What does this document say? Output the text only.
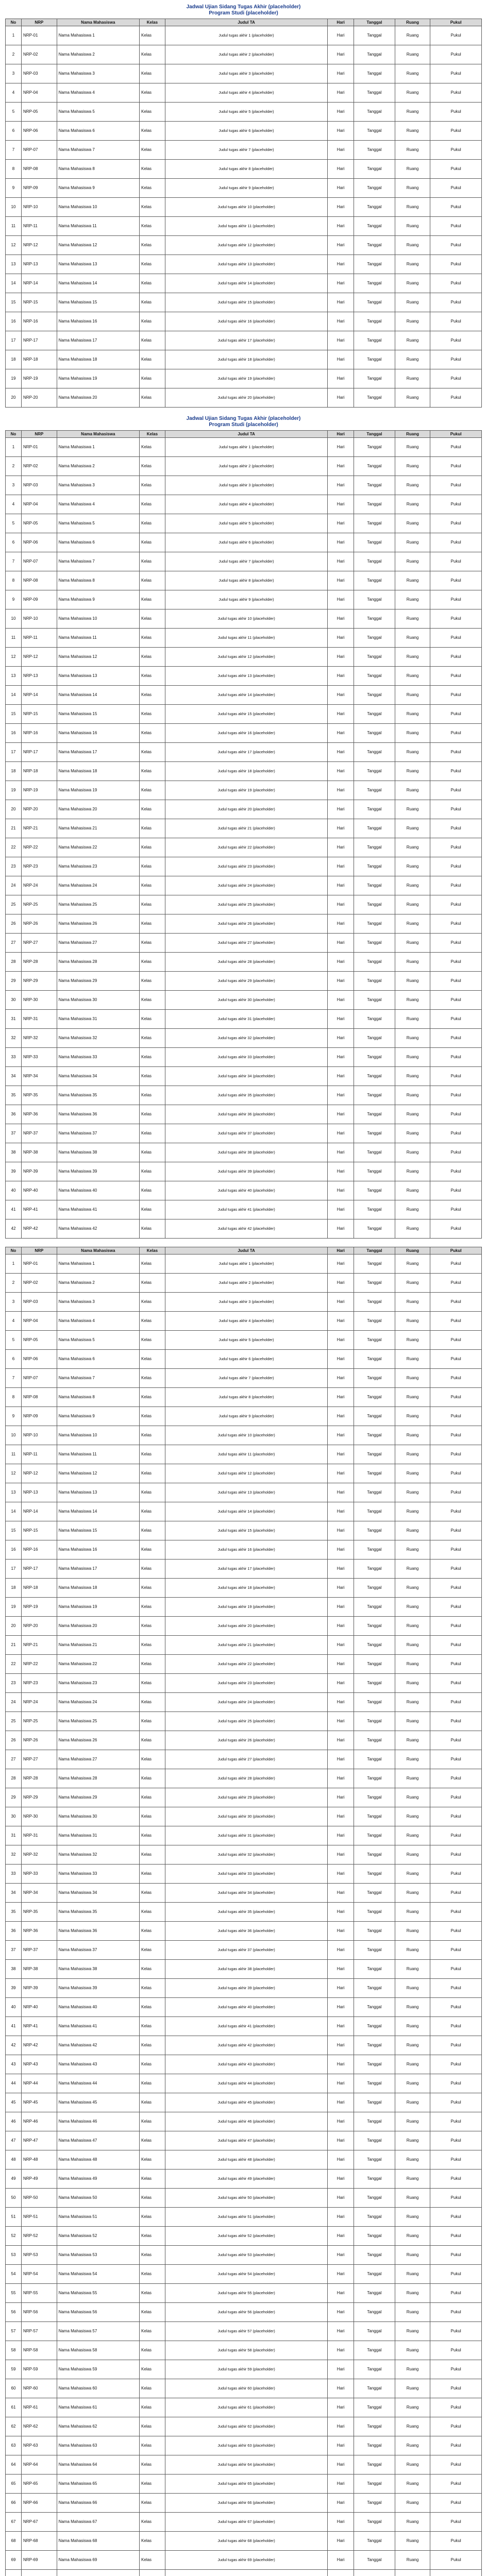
Jadwal Ujian Sidang Tugas Akhir (placeholder)
Program Studi (placeholder)
No	NRP	Nama Mahasiswa	Kelas	Judul TA	Hari	Tanggal	Ruang	Pukul
1	NRP-01	Nama Mahasiswa 1	Kelas	Judul tugas akhir 1 (placeholder)	Hari	Tanggal	Ruang	Pukul
2	NRP-02	Nama Mahasiswa 2	Kelas	Judul tugas akhir 2 (placeholder)	Hari	Tanggal	Ruang	Pukul
3	NRP-03	Nama Mahasiswa 3	Kelas	Judul tugas akhir 3 (placeholder)	Hari	Tanggal	Ruang	Pukul
4	NRP-04	Nama Mahasiswa 4	Kelas	Judul tugas akhir 4 (placeholder)	Hari	Tanggal	Ruang	Pukul
5	NRP-05	Nama Mahasiswa 5	Kelas	Judul tugas akhir 5 (placeholder)	Hari	Tanggal	Ruang	Pukul
6	NRP-06	Nama Mahasiswa 6	Kelas	Judul tugas akhir 6 (placeholder)	Hari	Tanggal	Ruang	Pukul
7	NRP-07	Nama Mahasiswa 7	Kelas	Judul tugas akhir 7 (placeholder)	Hari	Tanggal	Ruang	Pukul
8	NRP-08	Nama Mahasiswa 8	Kelas	Judul tugas akhir 8 (placeholder)	Hari	Tanggal	Ruang	Pukul
9	NRP-09	Nama Mahasiswa 9	Kelas	Judul tugas akhir 9 (placeholder)	Hari	Tanggal	Ruang	Pukul
10	NRP-10	Nama Mahasiswa 10	Kelas	Judul tugas akhir 10 (placeholder)	Hari	Tanggal	Ruang	Pukul
11	NRP-11	Nama Mahasiswa 11	Kelas	Judul tugas akhir 11 (placeholder)	Hari	Tanggal	Ruang	Pukul
12	NRP-12	Nama Mahasiswa 12	Kelas	Judul tugas akhir 12 (placeholder)	Hari	Tanggal	Ruang	Pukul
13	NRP-13	Nama Mahasiswa 13	Kelas	Judul tugas akhir 13 (placeholder)	Hari	Tanggal	Ruang	Pukul
14	NRP-14	Nama Mahasiswa 14	Kelas	Judul tugas akhir 14 (placeholder)	Hari	Tanggal	Ruang	Pukul
15	NRP-15	Nama Mahasiswa 15	Kelas	Judul tugas akhir 15 (placeholder)	Hari	Tanggal	Ruang	Pukul
16	NRP-16	Nama Mahasiswa 16	Kelas	Judul tugas akhir 16 (placeholder)	Hari	Tanggal	Ruang	Pukul
17	NRP-17	Nama Mahasiswa 17	Kelas	Judul tugas akhir 17 (placeholder)	Hari	Tanggal	Ruang	Pukul
18	NRP-18	Nama Mahasiswa 18	Kelas	Judul tugas akhir 18 (placeholder)	Hari	Tanggal	Ruang	Pukul
19	NRP-19	Nama Mahasiswa 19	Kelas	Judul tugas akhir 19 (placeholder)	Hari	Tanggal	Ruang	Pukul
20	NRP-20	Nama Mahasiswa 20	Kelas	Judul tugas akhir 20 (placeholder)	Hari	Tanggal	Ruang	Pukul
Jadwal Ujian Sidang Tugas Akhir (placeholder)
Program Studi (placeholder)
No	NRP	Nama Mahasiswa	Kelas	Judul TA	Hari	Tanggal	Ruang	Pukul
1	NRP-01	Nama Mahasiswa 1	Kelas	Judul tugas akhir 1 (placeholder)	Hari	Tanggal	Ruang	Pukul
2	NRP-02	Nama Mahasiswa 2	Kelas	Judul tugas akhir 2 (placeholder)	Hari	Tanggal	Ruang	Pukul
3	NRP-03	Nama Mahasiswa 3	Kelas	Judul tugas akhir 3 (placeholder)	Hari	Tanggal	Ruang	Pukul
4	NRP-04	Nama Mahasiswa 4	Kelas	Judul tugas akhir 4 (placeholder)	Hari	Tanggal	Ruang	Pukul
5	NRP-05	Nama Mahasiswa 5	Kelas	Judul tugas akhir 5 (placeholder)	Hari	Tanggal	Ruang	Pukul
6	NRP-06	Nama Mahasiswa 6	Kelas	Judul tugas akhir 6 (placeholder)	Hari	Tanggal	Ruang	Pukul
7	NRP-07	Nama Mahasiswa 7	Kelas	Judul tugas akhir 7 (placeholder)	Hari	Tanggal	Ruang	Pukul
8	NRP-08	Nama Mahasiswa 8	Kelas	Judul tugas akhir 8 (placeholder)	Hari	Tanggal	Ruang	Pukul
9	NRP-09	Nama Mahasiswa 9	Kelas	Judul tugas akhir 9 (placeholder)	Hari	Tanggal	Ruang	Pukul
10	NRP-10	Nama Mahasiswa 10	Kelas	Judul tugas akhir 10 (placeholder)	Hari	Tanggal	Ruang	Pukul
11	NRP-11	Nama Mahasiswa 11	Kelas	Judul tugas akhir 11 (placeholder)	Hari	Tanggal	Ruang	Pukul
12	NRP-12	Nama Mahasiswa 12	Kelas	Judul tugas akhir 12 (placeholder)	Hari	Tanggal	Ruang	Pukul
13	NRP-13	Nama Mahasiswa 13	Kelas	Judul tugas akhir 13 (placeholder)	Hari	Tanggal	Ruang	Pukul
14	NRP-14	Nama Mahasiswa 14	Kelas	Judul tugas akhir 14 (placeholder)	Hari	Tanggal	Ruang	Pukul
15	NRP-15	Nama Mahasiswa 15	Kelas	Judul tugas akhir 15 (placeholder)	Hari	Tanggal	Ruang	Pukul
16	NRP-16	Nama Mahasiswa 16	Kelas	Judul tugas akhir 16 (placeholder)	Hari	Tanggal	Ruang	Pukul
17	NRP-17	Nama Mahasiswa 17	Kelas	Judul tugas akhir 17 (placeholder)	Hari	Tanggal	Ruang	Pukul
18	NRP-18	Nama Mahasiswa 18	Kelas	Judul tugas akhir 18 (placeholder)	Hari	Tanggal	Ruang	Pukul
19	NRP-19	Nama Mahasiswa 19	Kelas	Judul tugas akhir 19 (placeholder)	Hari	Tanggal	Ruang	Pukul
20	NRP-20	Nama Mahasiswa 20	Kelas	Judul tugas akhir 20 (placeholder)	Hari	Tanggal	Ruang	Pukul
21	NRP-21	Nama Mahasiswa 21	Kelas	Judul tugas akhir 21 (placeholder)	Hari	Tanggal	Ruang	Pukul
22	NRP-22	Nama Mahasiswa 22	Kelas	Judul tugas akhir 22 (placeholder)	Hari	Tanggal	Ruang	Pukul
23	NRP-23	Nama Mahasiswa 23	Kelas	Judul tugas akhir 23 (placeholder)	Hari	Tanggal	Ruang	Pukul
24	NRP-24	Nama Mahasiswa 24	Kelas	Judul tugas akhir 24 (placeholder)	Hari	Tanggal	Ruang	Pukul
25	NRP-25	Nama Mahasiswa 25	Kelas	Judul tugas akhir 25 (placeholder)	Hari	Tanggal	Ruang	Pukul
26	NRP-26	Nama Mahasiswa 26	Kelas	Judul tugas akhir 26 (placeholder)	Hari	Tanggal	Ruang	Pukul
27	NRP-27	Nama Mahasiswa 27	Kelas	Judul tugas akhir 27 (placeholder)	Hari	Tanggal	Ruang	Pukul
28	NRP-28	Nama Mahasiswa 28	Kelas	Judul tugas akhir 28 (placeholder)	Hari	Tanggal	Ruang	Pukul
29	NRP-29	Nama Mahasiswa 29	Kelas	Judul tugas akhir 29 (placeholder)	Hari	Tanggal	Ruang	Pukul
30	NRP-30	Nama Mahasiswa 30	Kelas	Judul tugas akhir 30 (placeholder)	Hari	Tanggal	Ruang	Pukul
31	NRP-31	Nama Mahasiswa 31	Kelas	Judul tugas akhir 31 (placeholder)	Hari	Tanggal	Ruang	Pukul
32	NRP-32	Nama Mahasiswa 32	Kelas	Judul tugas akhir 32 (placeholder)	Hari	Tanggal	Ruang	Pukul
33	NRP-33	Nama Mahasiswa 33	Kelas	Judul tugas akhir 33 (placeholder)	Hari	Tanggal	Ruang	Pukul
34	NRP-34	Nama Mahasiswa 34	Kelas	Judul tugas akhir 34 (placeholder)	Hari	Tanggal	Ruang	Pukul
35	NRP-35	Nama Mahasiswa 35	Kelas	Judul tugas akhir 35 (placeholder)	Hari	Tanggal	Ruang	Pukul
36	NRP-36	Nama Mahasiswa 36	Kelas	Judul tugas akhir 36 (placeholder)	Hari	Tanggal	Ruang	Pukul
37	NRP-37	Nama Mahasiswa 37	Kelas	Judul tugas akhir 37 (placeholder)	Hari	Tanggal	Ruang	Pukul
38	NRP-38	Nama Mahasiswa 38	Kelas	Judul tugas akhir 38 (placeholder)	Hari	Tanggal	Ruang	Pukul
39	NRP-39	Nama Mahasiswa 39	Kelas	Judul tugas akhir 39 (placeholder)	Hari	Tanggal	Ruang	Pukul
40	NRP-40	Nama Mahasiswa 40	Kelas	Judul tugas akhir 40 (placeholder)	Hari	Tanggal	Ruang	Pukul
41	NRP-41	Nama Mahasiswa 41	Kelas	Judul tugas akhir 41 (placeholder)	Hari	Tanggal	Ruang	Pukul
42	NRP-42	Nama Mahasiswa 42	Kelas	Judul tugas akhir 42 (placeholder)	Hari	Tanggal	Ruang	Pukul
No	NRP	Nama Mahasiswa	Kelas	Judul TA	Hari	Tanggal	Ruang	Pukul
1	NRP-01	Nama Mahasiswa 1	Kelas	Judul tugas akhir 1 (placeholder)	Hari	Tanggal	Ruang	Pukul
2	NRP-02	Nama Mahasiswa 2	Kelas	Judul tugas akhir 2 (placeholder)	Hari	Tanggal	Ruang	Pukul
3	NRP-03	Nama Mahasiswa 3	Kelas	Judul tugas akhir 3 (placeholder)	Hari	Tanggal	Ruang	Pukul
4	NRP-04	Nama Mahasiswa 4	Kelas	Judul tugas akhir 4 (placeholder)	Hari	Tanggal	Ruang	Pukul
5	NRP-05	Nama Mahasiswa 5	Kelas	Judul tugas akhir 5 (placeholder)	Hari	Tanggal	Ruang	Pukul
6	NRP-06	Nama Mahasiswa 6	Kelas	Judul tugas akhir 6 (placeholder)	Hari	Tanggal	Ruang	Pukul
7	NRP-07	Nama Mahasiswa 7	Kelas	Judul tugas akhir 7 (placeholder)	Hari	Tanggal	Ruang	Pukul
8	NRP-08	Nama Mahasiswa 8	Kelas	Judul tugas akhir 8 (placeholder)	Hari	Tanggal	Ruang	Pukul
9	NRP-09	Nama Mahasiswa 9	Kelas	Judul tugas akhir 9 (placeholder)	Hari	Tanggal	Ruang	Pukul
10	NRP-10	Nama Mahasiswa 10	Kelas	Judul tugas akhir 10 (placeholder)	Hari	Tanggal	Ruang	Pukul
11	NRP-11	Nama Mahasiswa 11	Kelas	Judul tugas akhir 11 (placeholder)	Hari	Tanggal	Ruang	Pukul
12	NRP-12	Nama Mahasiswa 12	Kelas	Judul tugas akhir 12 (placeholder)	Hari	Tanggal	Ruang	Pukul
13	NRP-13	Nama Mahasiswa 13	Kelas	Judul tugas akhir 13 (placeholder)	Hari	Tanggal	Ruang	Pukul
14	NRP-14	Nama Mahasiswa 14	Kelas	Judul tugas akhir 14 (placeholder)	Hari	Tanggal	Ruang	Pukul
15	NRP-15	Nama Mahasiswa 15	Kelas	Judul tugas akhir 15 (placeholder)	Hari	Tanggal	Ruang	Pukul
16	NRP-16	Nama Mahasiswa 16	Kelas	Judul tugas akhir 16 (placeholder)	Hari	Tanggal	Ruang	Pukul
17	NRP-17	Nama Mahasiswa 17	Kelas	Judul tugas akhir 17 (placeholder)	Hari	Tanggal	Ruang	Pukul
18	NRP-18	Nama Mahasiswa 18	Kelas	Judul tugas akhir 18 (placeholder)	Hari	Tanggal	Ruang	Pukul
19	NRP-19	Nama Mahasiswa 19	Kelas	Judul tugas akhir 19 (placeholder)	Hari	Tanggal	Ruang	Pukul
20	NRP-20	Nama Mahasiswa 20	Kelas	Judul tugas akhir 20 (placeholder)	Hari	Tanggal	Ruang	Pukul
21	NRP-21	Nama Mahasiswa 21	Kelas	Judul tugas akhir 21 (placeholder)	Hari	Tanggal	Ruang	Pukul
22	NRP-22	Nama Mahasiswa 22	Kelas	Judul tugas akhir 22 (placeholder)	Hari	Tanggal	Ruang	Pukul
23	NRP-23	Nama Mahasiswa 23	Kelas	Judul tugas akhir 23 (placeholder)	Hari	Tanggal	Ruang	Pukul
24	NRP-24	Nama Mahasiswa 24	Kelas	Judul tugas akhir 24 (placeholder)	Hari	Tanggal	Ruang	Pukul
25	NRP-25	Nama Mahasiswa 25	Kelas	Judul tugas akhir 25 (placeholder)	Hari	Tanggal	Ruang	Pukul
26	NRP-26	Nama Mahasiswa 26	Kelas	Judul tugas akhir 26 (placeholder)	Hari	Tanggal	Ruang	Pukul
27	NRP-27	Nama Mahasiswa 27	Kelas	Judul tugas akhir 27 (placeholder)	Hari	Tanggal	Ruang	Pukul
28	NRP-28	Nama Mahasiswa 28	Kelas	Judul tugas akhir 28 (placeholder)	Hari	Tanggal	Ruang	Pukul
29	NRP-29	Nama Mahasiswa 29	Kelas	Judul tugas akhir 29 (placeholder)	Hari	Tanggal	Ruang	Pukul
30	NRP-30	Nama Mahasiswa 30	Kelas	Judul tugas akhir 30 (placeholder)	Hari	Tanggal	Ruang	Pukul
31	NRP-31	Nama Mahasiswa 31	Kelas	Judul tugas akhir 31 (placeholder)	Hari	Tanggal	Ruang	Pukul
32	NRP-32	Nama Mahasiswa 32	Kelas	Judul tugas akhir 32 (placeholder)	Hari	Tanggal	Ruang	Pukul
33	NRP-33	Nama Mahasiswa 33	Kelas	Judul tugas akhir 33 (placeholder)	Hari	Tanggal	Ruang	Pukul
34	NRP-34	Nama Mahasiswa 34	Kelas	Judul tugas akhir 34 (placeholder)	Hari	Tanggal	Ruang	Pukul
35	NRP-35	Nama Mahasiswa 35	Kelas	Judul tugas akhir 35 (placeholder)	Hari	Tanggal	Ruang	Pukul
36	NRP-36	Nama Mahasiswa 36	Kelas	Judul tugas akhir 36 (placeholder)	Hari	Tanggal	Ruang	Pukul
37	NRP-37	Nama Mahasiswa 37	Kelas	Judul tugas akhir 37 (placeholder)	Hari	Tanggal	Ruang	Pukul
38	NRP-38	Nama Mahasiswa 38	Kelas	Judul tugas akhir 38 (placeholder)	Hari	Tanggal	Ruang	Pukul
39	NRP-39	Nama Mahasiswa 39	Kelas	Judul tugas akhir 39 (placeholder)	Hari	Tanggal	Ruang	Pukul
40	NRP-40	Nama Mahasiswa 40	Kelas	Judul tugas akhir 40 (placeholder)	Hari	Tanggal	Ruang	Pukul
41	NRP-41	Nama Mahasiswa 41	Kelas	Judul tugas akhir 41 (placeholder)	Hari	Tanggal	Ruang	Pukul
42	NRP-42	Nama Mahasiswa 42	Kelas	Judul tugas akhir 42 (placeholder)	Hari	Tanggal	Ruang	Pukul
43	NRP-43	Nama Mahasiswa 43	Kelas	Judul tugas akhir 43 (placeholder)	Hari	Tanggal	Ruang	Pukul
44	NRP-44	Nama Mahasiswa 44	Kelas	Judul tugas akhir 44 (placeholder)	Hari	Tanggal	Ruang	Pukul
45	NRP-45	Nama Mahasiswa 45	Kelas	Judul tugas akhir 45 (placeholder)	Hari	Tanggal	Ruang	Pukul
46	NRP-46	Nama Mahasiswa 46	Kelas	Judul tugas akhir 46 (placeholder)	Hari	Tanggal	Ruang	Pukul
47	NRP-47	Nama Mahasiswa 47	Kelas	Judul tugas akhir 47 (placeholder)	Hari	Tanggal	Ruang	Pukul
48	NRP-48	Nama Mahasiswa 48	Kelas	Judul tugas akhir 48 (placeholder)	Hari	Tanggal	Ruang	Pukul
49	NRP-49	Nama Mahasiswa 49	Kelas	Judul tugas akhir 49 (placeholder)	Hari	Tanggal	Ruang	Pukul
50	NRP-50	Nama Mahasiswa 50	Kelas	Judul tugas akhir 50 (placeholder)	Hari	Tanggal	Ruang	Pukul
51	NRP-51	Nama Mahasiswa 51	Kelas	Judul tugas akhir 51 (placeholder)	Hari	Tanggal	Ruang	Pukul
52	NRP-52	Nama Mahasiswa 52	Kelas	Judul tugas akhir 52 (placeholder)	Hari	Tanggal	Ruang	Pukul
53	NRP-53	Nama Mahasiswa 53	Kelas	Judul tugas akhir 53 (placeholder)	Hari	Tanggal	Ruang	Pukul
54	NRP-54	Nama Mahasiswa 54	Kelas	Judul tugas akhir 54 (placeholder)	Hari	Tanggal	Ruang	Pukul
55	NRP-55	Nama Mahasiswa 55	Kelas	Judul tugas akhir 55 (placeholder)	Hari	Tanggal	Ruang	Pukul
56	NRP-56	Nama Mahasiswa 56	Kelas	Judul tugas akhir 56 (placeholder)	Hari	Tanggal	Ruang	Pukul
57	NRP-57	Nama Mahasiswa 57	Kelas	Judul tugas akhir 57 (placeholder)	Hari	Tanggal	Ruang	Pukul
58	NRP-58	Nama Mahasiswa 58	Kelas	Judul tugas akhir 58 (placeholder)	Hari	Tanggal	Ruang	Pukul
59	NRP-59	Nama Mahasiswa 59	Kelas	Judul tugas akhir 59 (placeholder)	Hari	Tanggal	Ruang	Pukul
60	NRP-60	Nama Mahasiswa 60	Kelas	Judul tugas akhir 60 (placeholder)	Hari	Tanggal	Ruang	Pukul
61	NRP-61	Nama Mahasiswa 61	Kelas	Judul tugas akhir 61 (placeholder)	Hari	Tanggal	Ruang	Pukul
62	NRP-62	Nama Mahasiswa 62	Kelas	Judul tugas akhir 62 (placeholder)	Hari	Tanggal	Ruang	Pukul
63	NRP-63	Nama Mahasiswa 63	Kelas	Judul tugas akhir 63 (placeholder)	Hari	Tanggal	Ruang	Pukul
64	NRP-64	Nama Mahasiswa 64	Kelas	Judul tugas akhir 64 (placeholder)	Hari	Tanggal	Ruang	Pukul
65	NRP-65	Nama Mahasiswa 65	Kelas	Judul tugas akhir 65 (placeholder)	Hari	Tanggal	Ruang	Pukul
66	NRP-66	Nama Mahasiswa 66	Kelas	Judul tugas akhir 66 (placeholder)	Hari	Tanggal	Ruang	Pukul
67	NRP-67	Nama Mahasiswa 67	Kelas	Judul tugas akhir 67 (placeholder)	Hari	Tanggal	Ruang	Pukul
68	NRP-68	Nama Mahasiswa 68	Kelas	Judul tugas akhir 68 (placeholder)	Hari	Tanggal	Ruang	Pukul
69	NRP-69	Nama Mahasiswa 69	Kelas	Judul tugas akhir 69 (placeholder)	Hari	Tanggal	Ruang	Pukul
